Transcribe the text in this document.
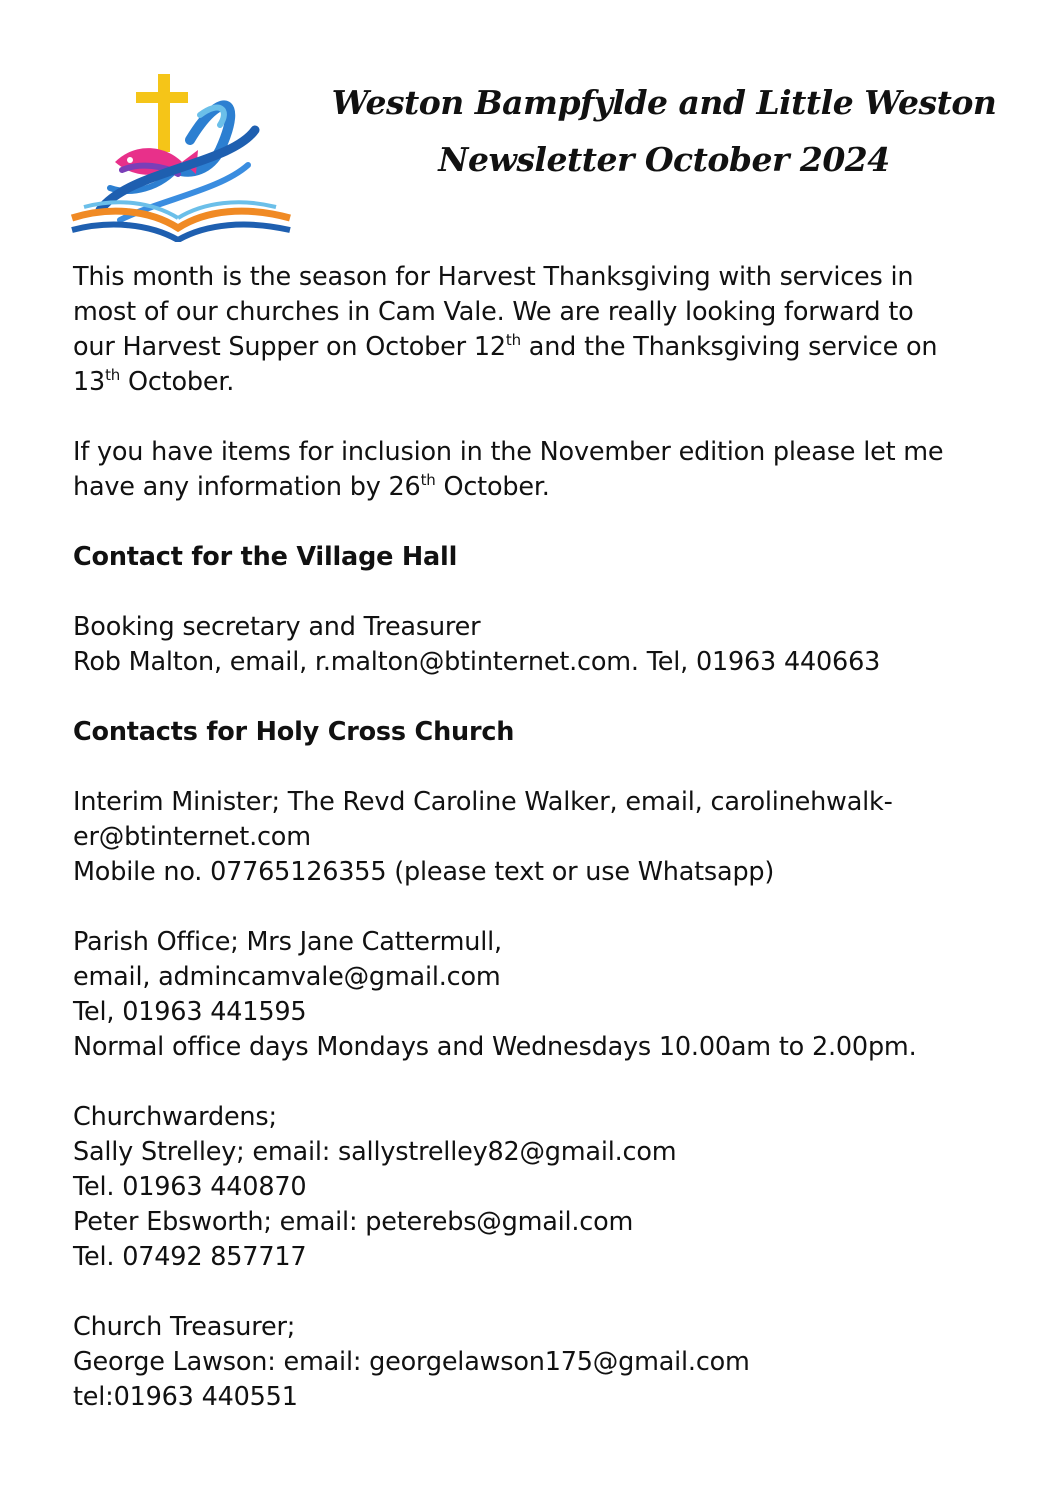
Weston Bampfylde and Little Weston
Newsletter October 2024

This month is the season for Harvest Thanksgiving with services in
most of our churches in Cam Vale. We are really looking forward to
our Harvest Supper on October 12th and the Thanksgiving service on
13th October.

If you have items for inclusion in the November edition please let me
have any information by 26th October.

Contact for the Village Hall

Booking secretary and Treasurer
Rob Malton, email, r.malton@btinternet.com. Tel, 01963 440663

Contacts for Holy Cross Church

Interim Minister; The Revd Caroline Walker, email, carolinehwalk-
er@btinternet.com
Mobile no. 07765126355 (please text or use Whatsapp)

Parish Office; Mrs Jane Cattermull,
email, admincamvale@gmail.com
Tel, 01963 441595
Normal office days Mondays and Wednesdays 10.00am to 2.00pm.

Churchwardens;
Sally Strelley; email: sallystrelley82@gmail.com
Tel. 01963 440870
Peter Ebsworth; email: peterebs@gmail.com
Tel. 07492 857717

Church Treasurer;
George Lawson: email: georgelawson175@gmail.com
tel:01963 440551
